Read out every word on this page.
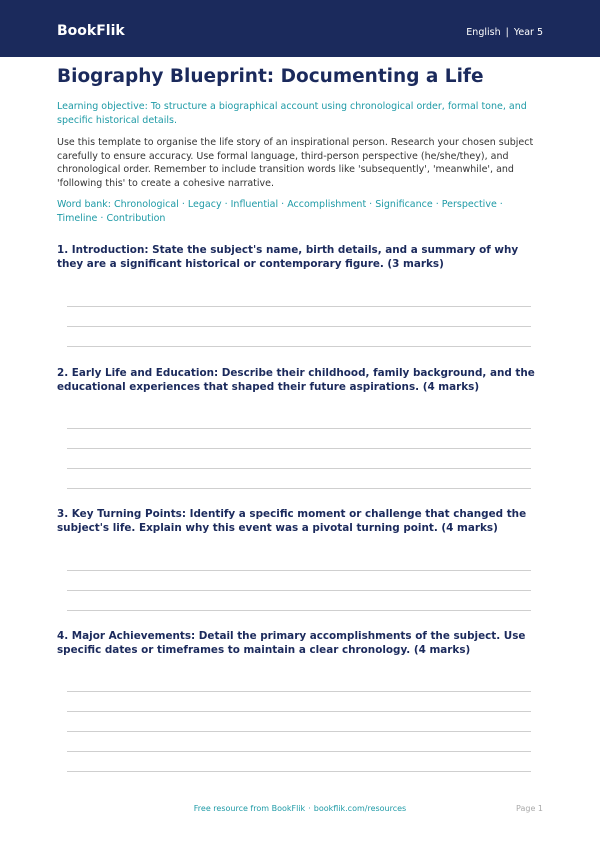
BookFlik	English | Year 5
Biography Blueprint: Documenting a Life
Learning objective: To structure a biographical account using chronological order, formal tone, and specific historical details.
Use this template to organise the life story of an inspirational person. Research your chosen subject carefully to ensure accuracy. Use formal language, third-person perspective (he/she/they), and chronological order. Remember to include transition words like 'subsequently', 'meanwhile', and 'following this' to create a cohesive narrative.
Word bank: Chronological · Legacy · Influential · Accomplishment · Significance · Perspective · Timeline · Contribution
1. Introduction: State the subject's name, birth details, and a summary of why they are a significant historical or contemporary figure. (3 marks)
2. Early Life and Education: Describe their childhood, family background, and the educational experiences that shaped their future aspirations. (4 marks)
3. Key Turning Points: Identify a specific moment or challenge that changed the subject's life. Explain why this event was a pivotal turning point. (4 marks)
4. Major Achievements: Detail the primary accomplishments of the subject. Use specific dates or timeframes to maintain a clear chronology. (4 marks)
Free resource from BookFlik · bookflik.com/resources	Page 1
